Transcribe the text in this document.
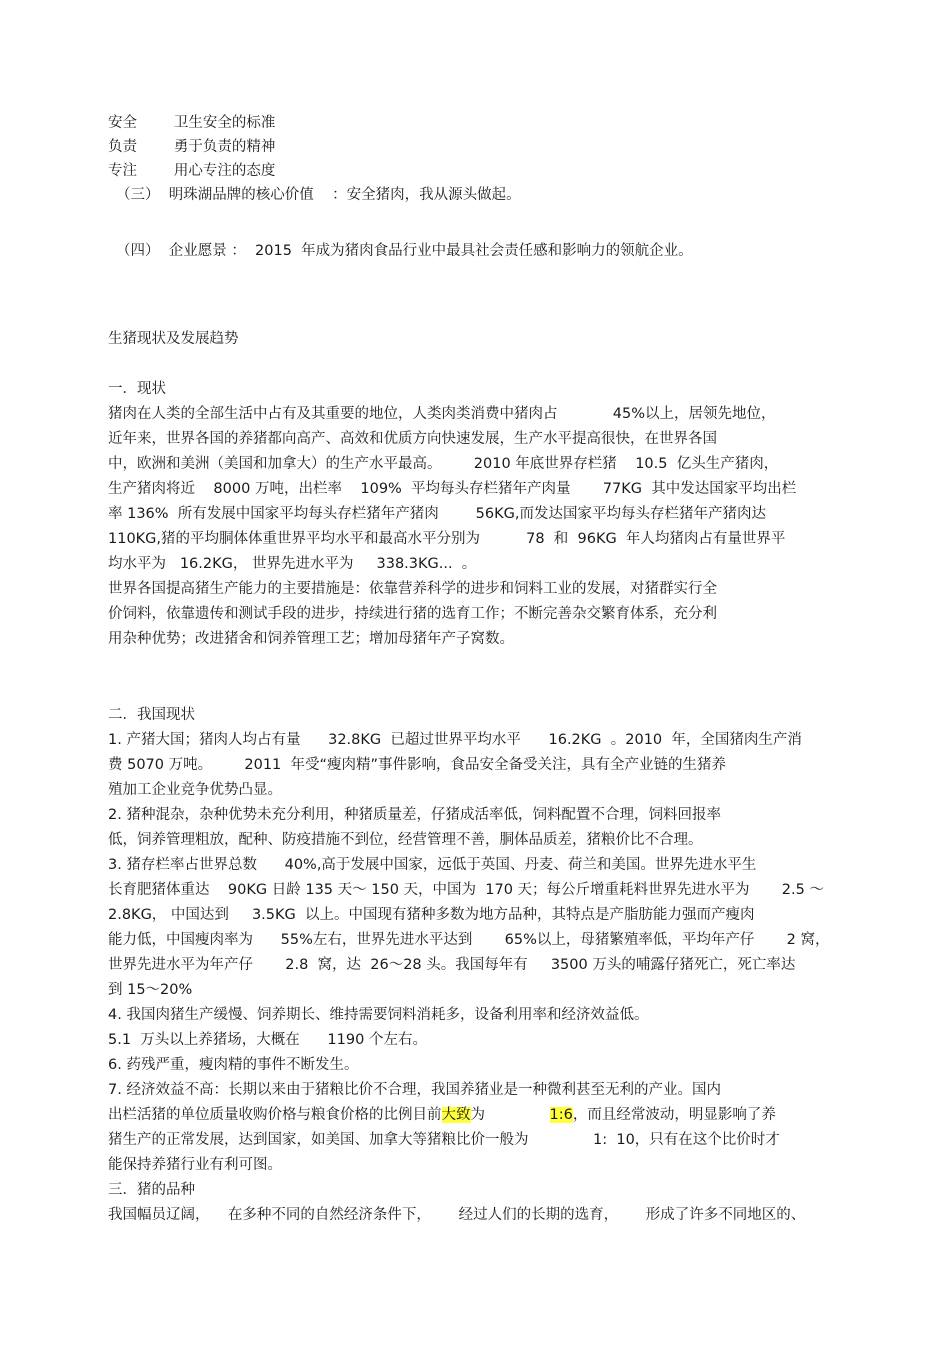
安全        卫生安全的标准
负责        勇于负责的精神
专注        用心专注的态度
（三）  明珠湖品牌的核心价值    ：安全猪肉，我从源头做起。
（四）  企业愿景 ：  2015  年成为猪肉食品行业中最具社会责任感和影响力的领航企业。
生猪现状及发展趋势
一．现状
猪肉在人类的全部生活中占有及其重要的地位，人类肉类消费中猪肉占            45%以上，居领先地位，
近年来，世界各国的养猪都向高产、高效和优质方向快速发展，生产水平提高很快，在世界各国
中，欧洲和美洲（美国和加拿大）的生产水平最高。       2010 年底世界存栏猪    10.5  亿头生产猪肉，
生产猪肉将近    8000 万吨，出栏率    109%  平均每头存栏猪年产肉量       77KG  其中发达国家平均出栏
率 136%  所有发展中国家平均每头存栏猪年产猪肉        56KG,而发达国家平均每头存栏猪年产猪肉达
110KG,猪的平均胴体体重世界平均水平和最高水平分别为          78  和  96KG  年人均猪肉占有量世界平
均水平为   16.2KG， 世界先进水平为     338.3KG...  。
世界各国提高猪生产能力的主要措施是：依靠营养科学的进步和饲料工业的发展，对猪群实行全
价饲料，依靠遗传和测试手段的进步，持续进行猪的选育工作；不断完善杂交繁育体系，充分利
用杂种优势；改进猪舍和饲养管理工艺；增加母猪年产子窝数。
二．我国现状
1. 产猪大国；猪肉人均占有量      32.8KG  已超过世界平均水平      16.2KG  。2010  年，全国猪肉生产消
费 5070 万吨。       2011  年受“瘦肉精”事件影响，食品安全备受关注，具有全产业链的生猪养
殖加工企业竞争优势凸显。
2. 猪种混杂，杂种优势未充分利用，种猪质量差，仔猪成活率低，饲料配置不合理，饲料回报率
低，饲养管理粗放，配种、防疫措施不到位，经营管理不善，胴体品质差，猪粮价比不合理。
3. 猪存栏率占世界总数      40%,高于发展中国家，远低于英国、丹麦、荷兰和美国。世界先进水平生
长育肥猪体重达    90KG 日龄 135 天～ 150 天，中国为  170 天；每公斤增重耗料世界先进水平为       2.5 ～
2.8KG， 中国达到     3.5KG  以上。中国现有猪种多数为地方品种，其特点是产脂肪能力强而产瘦肉
能力低，中国瘦肉率为      55%左右，世界先进水平达到       65%以上，母猪繁殖率低，平均年产仔       2 窝，
世界先进水平为年产仔       2.8  窝，达  26～28 头。我国每年有     3500 万头的哺露仔猪死亡，死亡率达
到 15～20%
4. 我国肉猪生产缓慢、饲养期长、维持需要饲料消耗多，设备利用率和经济效益低。
5.1  万头以上养猪场，大概在      1190 个左右。
6. 药残严重，瘦肉精的事件不断发生。
7. 经济效益不高：长期以来由于猪粮比价不合理，我国养猪业是一种微利甚至无利的产业。国内
出栏活猪的单位质量收购价格与粮食价格的比例目前大致为              1:6，而且经常波动，明显影响了养
猪生产的正常发展，达到国家，如美国、加拿大等猪粮比价一般为              1:  10，只有在这个比价时才
能保持养猪行业有利可图。
三．猪的品种
我国幅员辽阔，    在多种不同的自然经济条件下，      经过人们的长期的选育，      形成了许多不同地区的、
